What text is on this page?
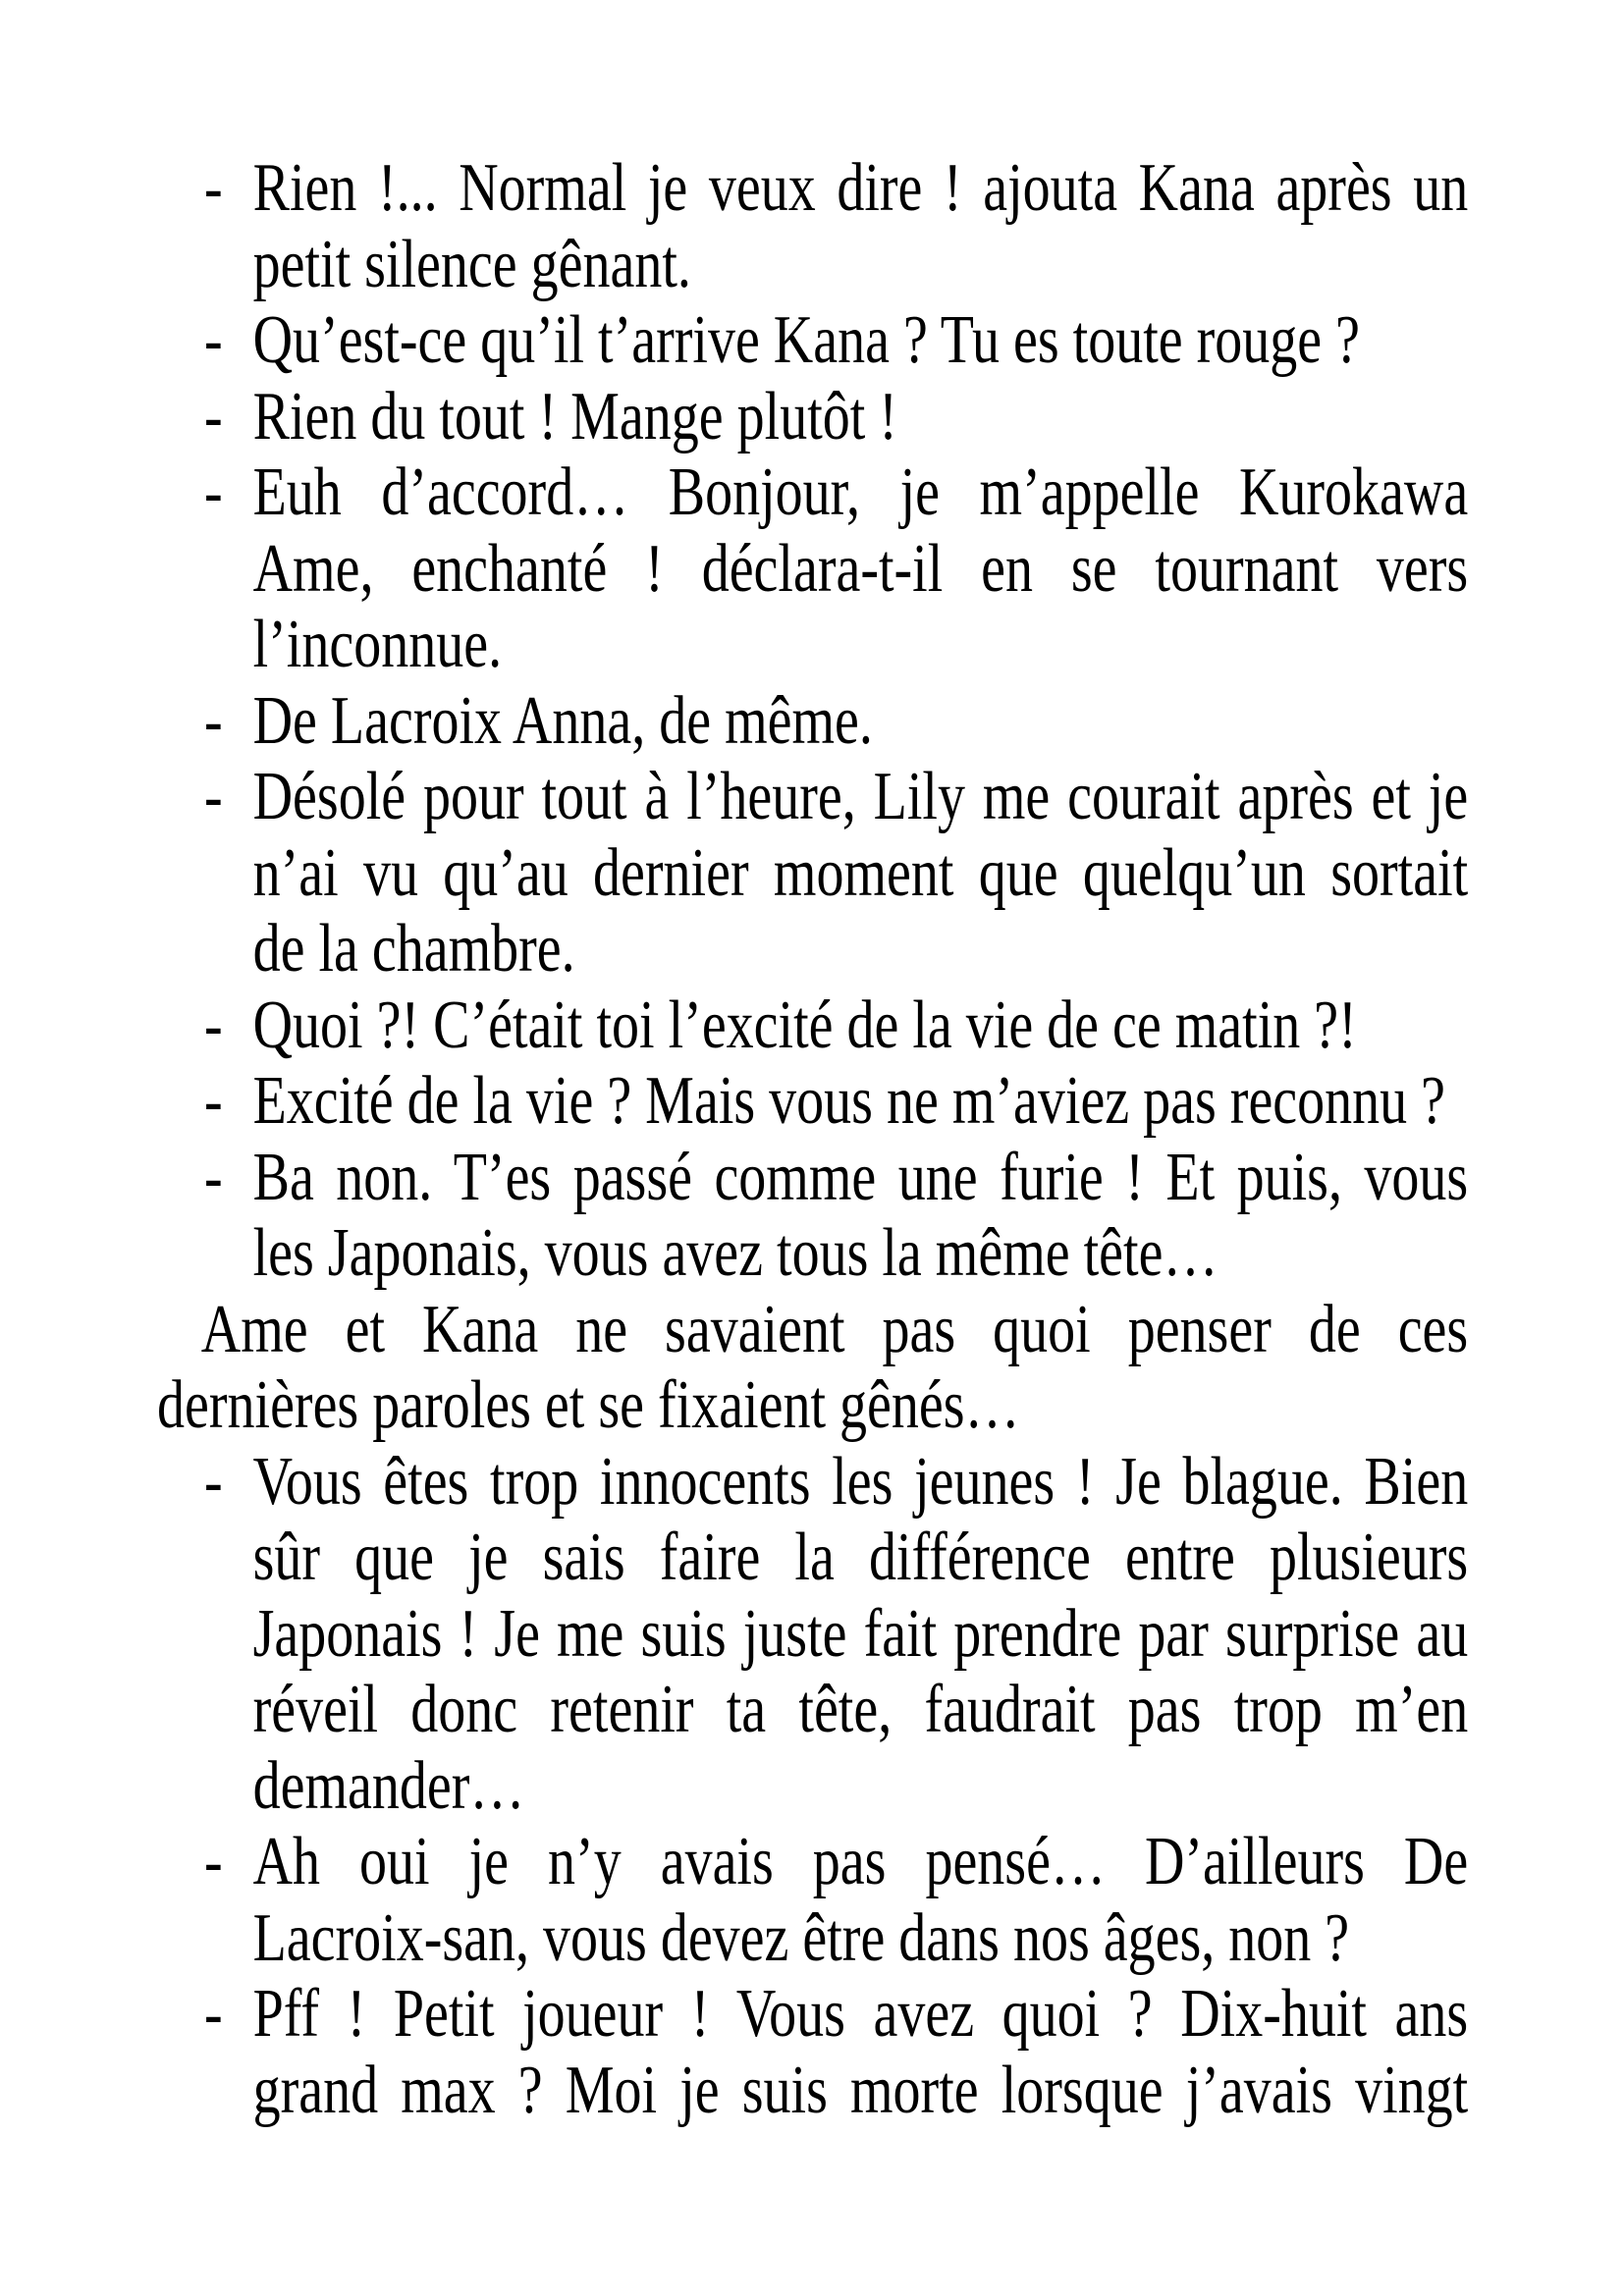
- Rien !... Normal je veux dire ! ajouta Kana après un
petit silence gênant.
- Qu’est-ce qu’il t’arrive Kana ? Tu es toute rouge ?
- Rien du tout ! Mange plutôt !
- Euh d’accord… Bonjour, je m’appelle Kurokawa
Ame, enchanté ! déclara-t-il en se tournant vers
l’inconnue.
- De Lacroix Anna, de même.
- Désolé pour tout à l’heure, Lily me courait après et je
n’ai vu qu’au dernier moment que quelqu’un sortait
de la chambre.
- Quoi ?! C’était toi l’excité de la vie de ce matin ?!
- Excité de la vie ? Mais vous ne m’aviez pas reconnu ?
- Ba non. T’es passé comme une furie ! Et puis, vous
les Japonais, vous avez tous la même tête…
Ame et Kana ne savaient pas quoi penser de ces
dernières paroles et se fixaient gênés…
- Vous êtes trop innocents les jeunes ! Je blague. Bien
sûr que je sais faire la différence entre plusieurs
Japonais ! Je me suis juste fait prendre par surprise au
réveil donc retenir ta tête, faudrait pas trop m’en
demander…
- Ah oui je n’y avais pas pensé… D’ailleurs De
Lacroix-san, vous devez être dans nos âges, non ?
- Pff ! Petit joueur ! Vous avez quoi ? Dix-huit ans
grand max ? Moi je suis morte lorsque j’avais vingt
